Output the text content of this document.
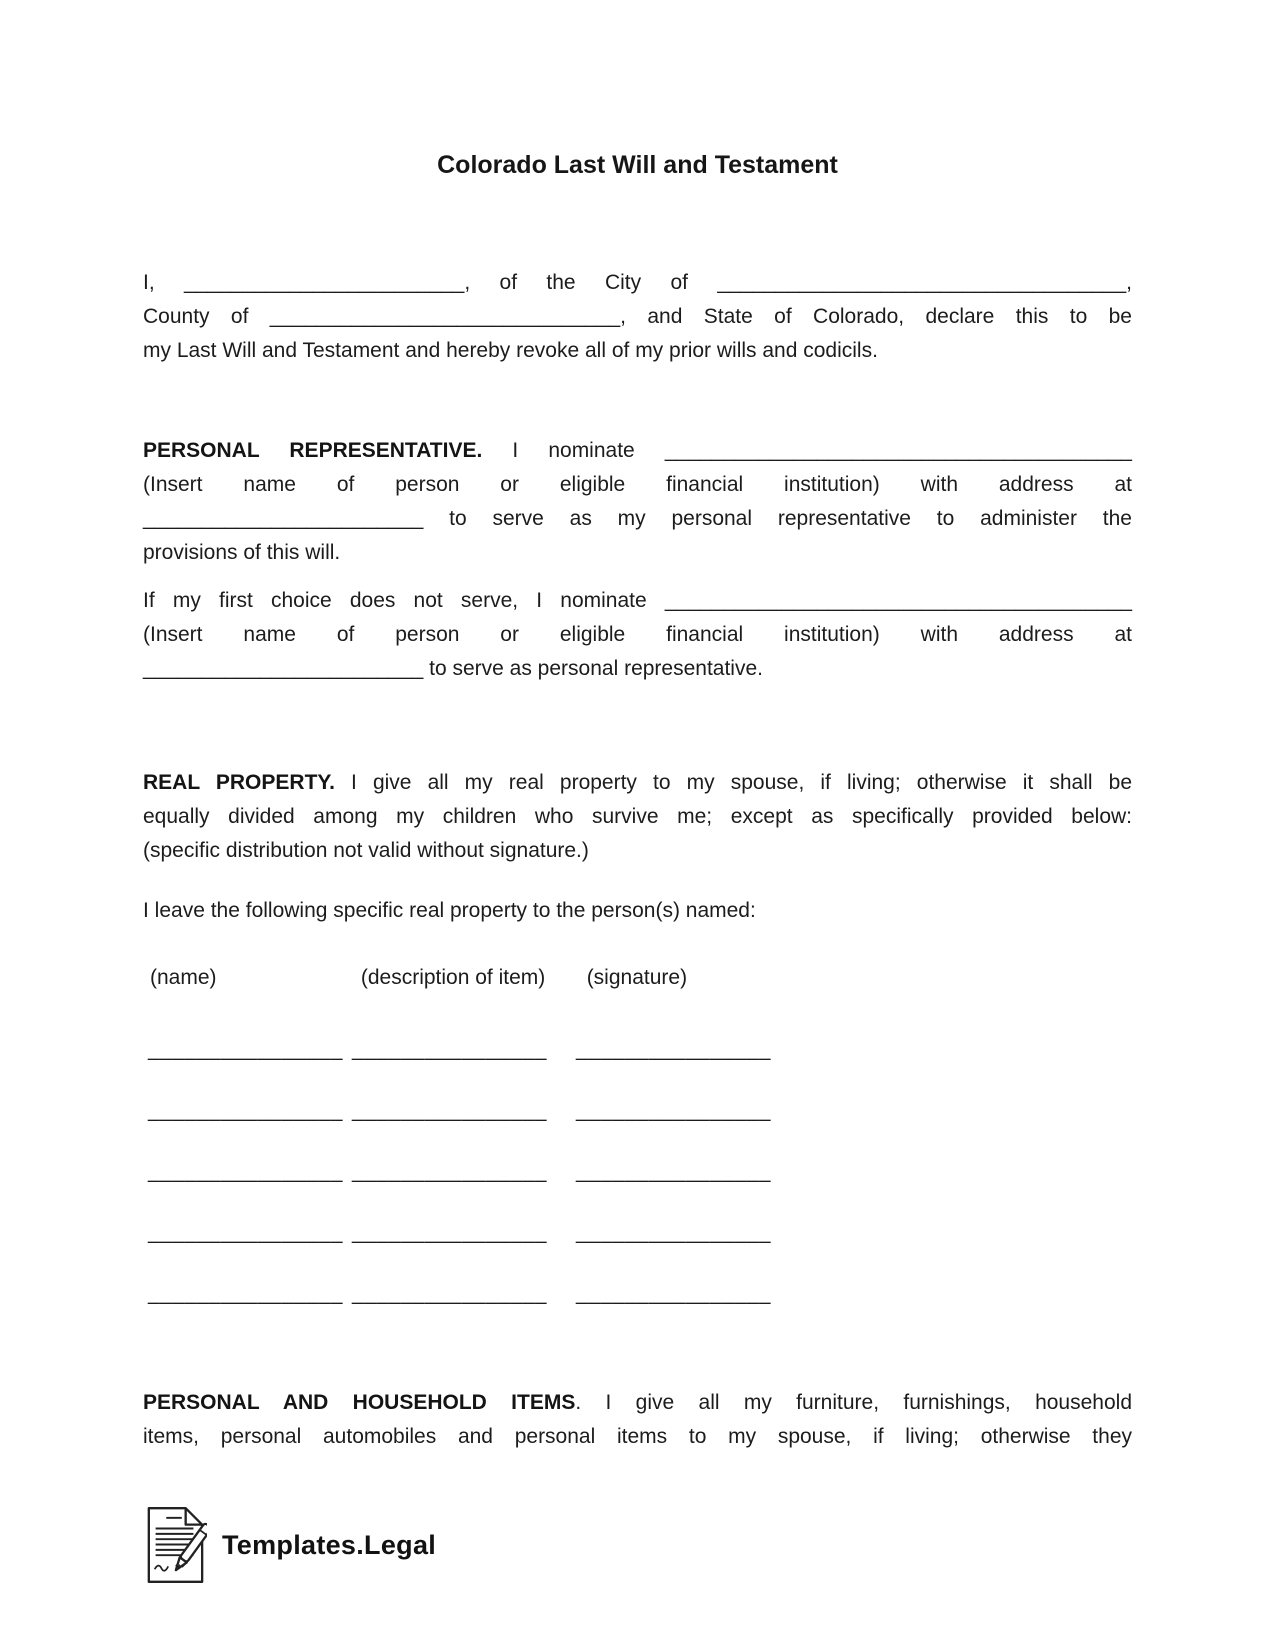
Colorado Last Will and Testament
I, ________________________, of the City of ___________________________________,
County of ______________________________, and State of Colorado, declare this to be
my Last Will and Testament and hereby revoke all of my prior wills and codicils.
PERSONAL REPRESENTATIVE. I nominate ________________________________________
(Insert name of person or eligible financial institution) with address at
________________________ to serve as my personal representative to administer the
provisions of this will.
If my first choice does not serve, I nominate ________________________________________
(Insert name of person or eligible financial institution) with address at
________________________ to serve as personal representative.
REAL PROPERTY. I give all my real property to my spouse, if living; otherwise it shall be
equally divided among my children who survive me; except as specifically provided below:
(specific distribution not valid without signature.)
I leave the following specific real property to the person(s) named:
(name)	(description of item) (signature)
________________ ________________ ________________
________________ ________________ ________________
________________ ________________ ________________
________________ ________________ ________________
________________ ________________ ________________
PERSONAL AND HOUSEHOLD ITEMS. I give all my furniture, furnishings, household
items, personal automobiles and personal items to my spouse, if living; otherwise they
Templates.Legal
